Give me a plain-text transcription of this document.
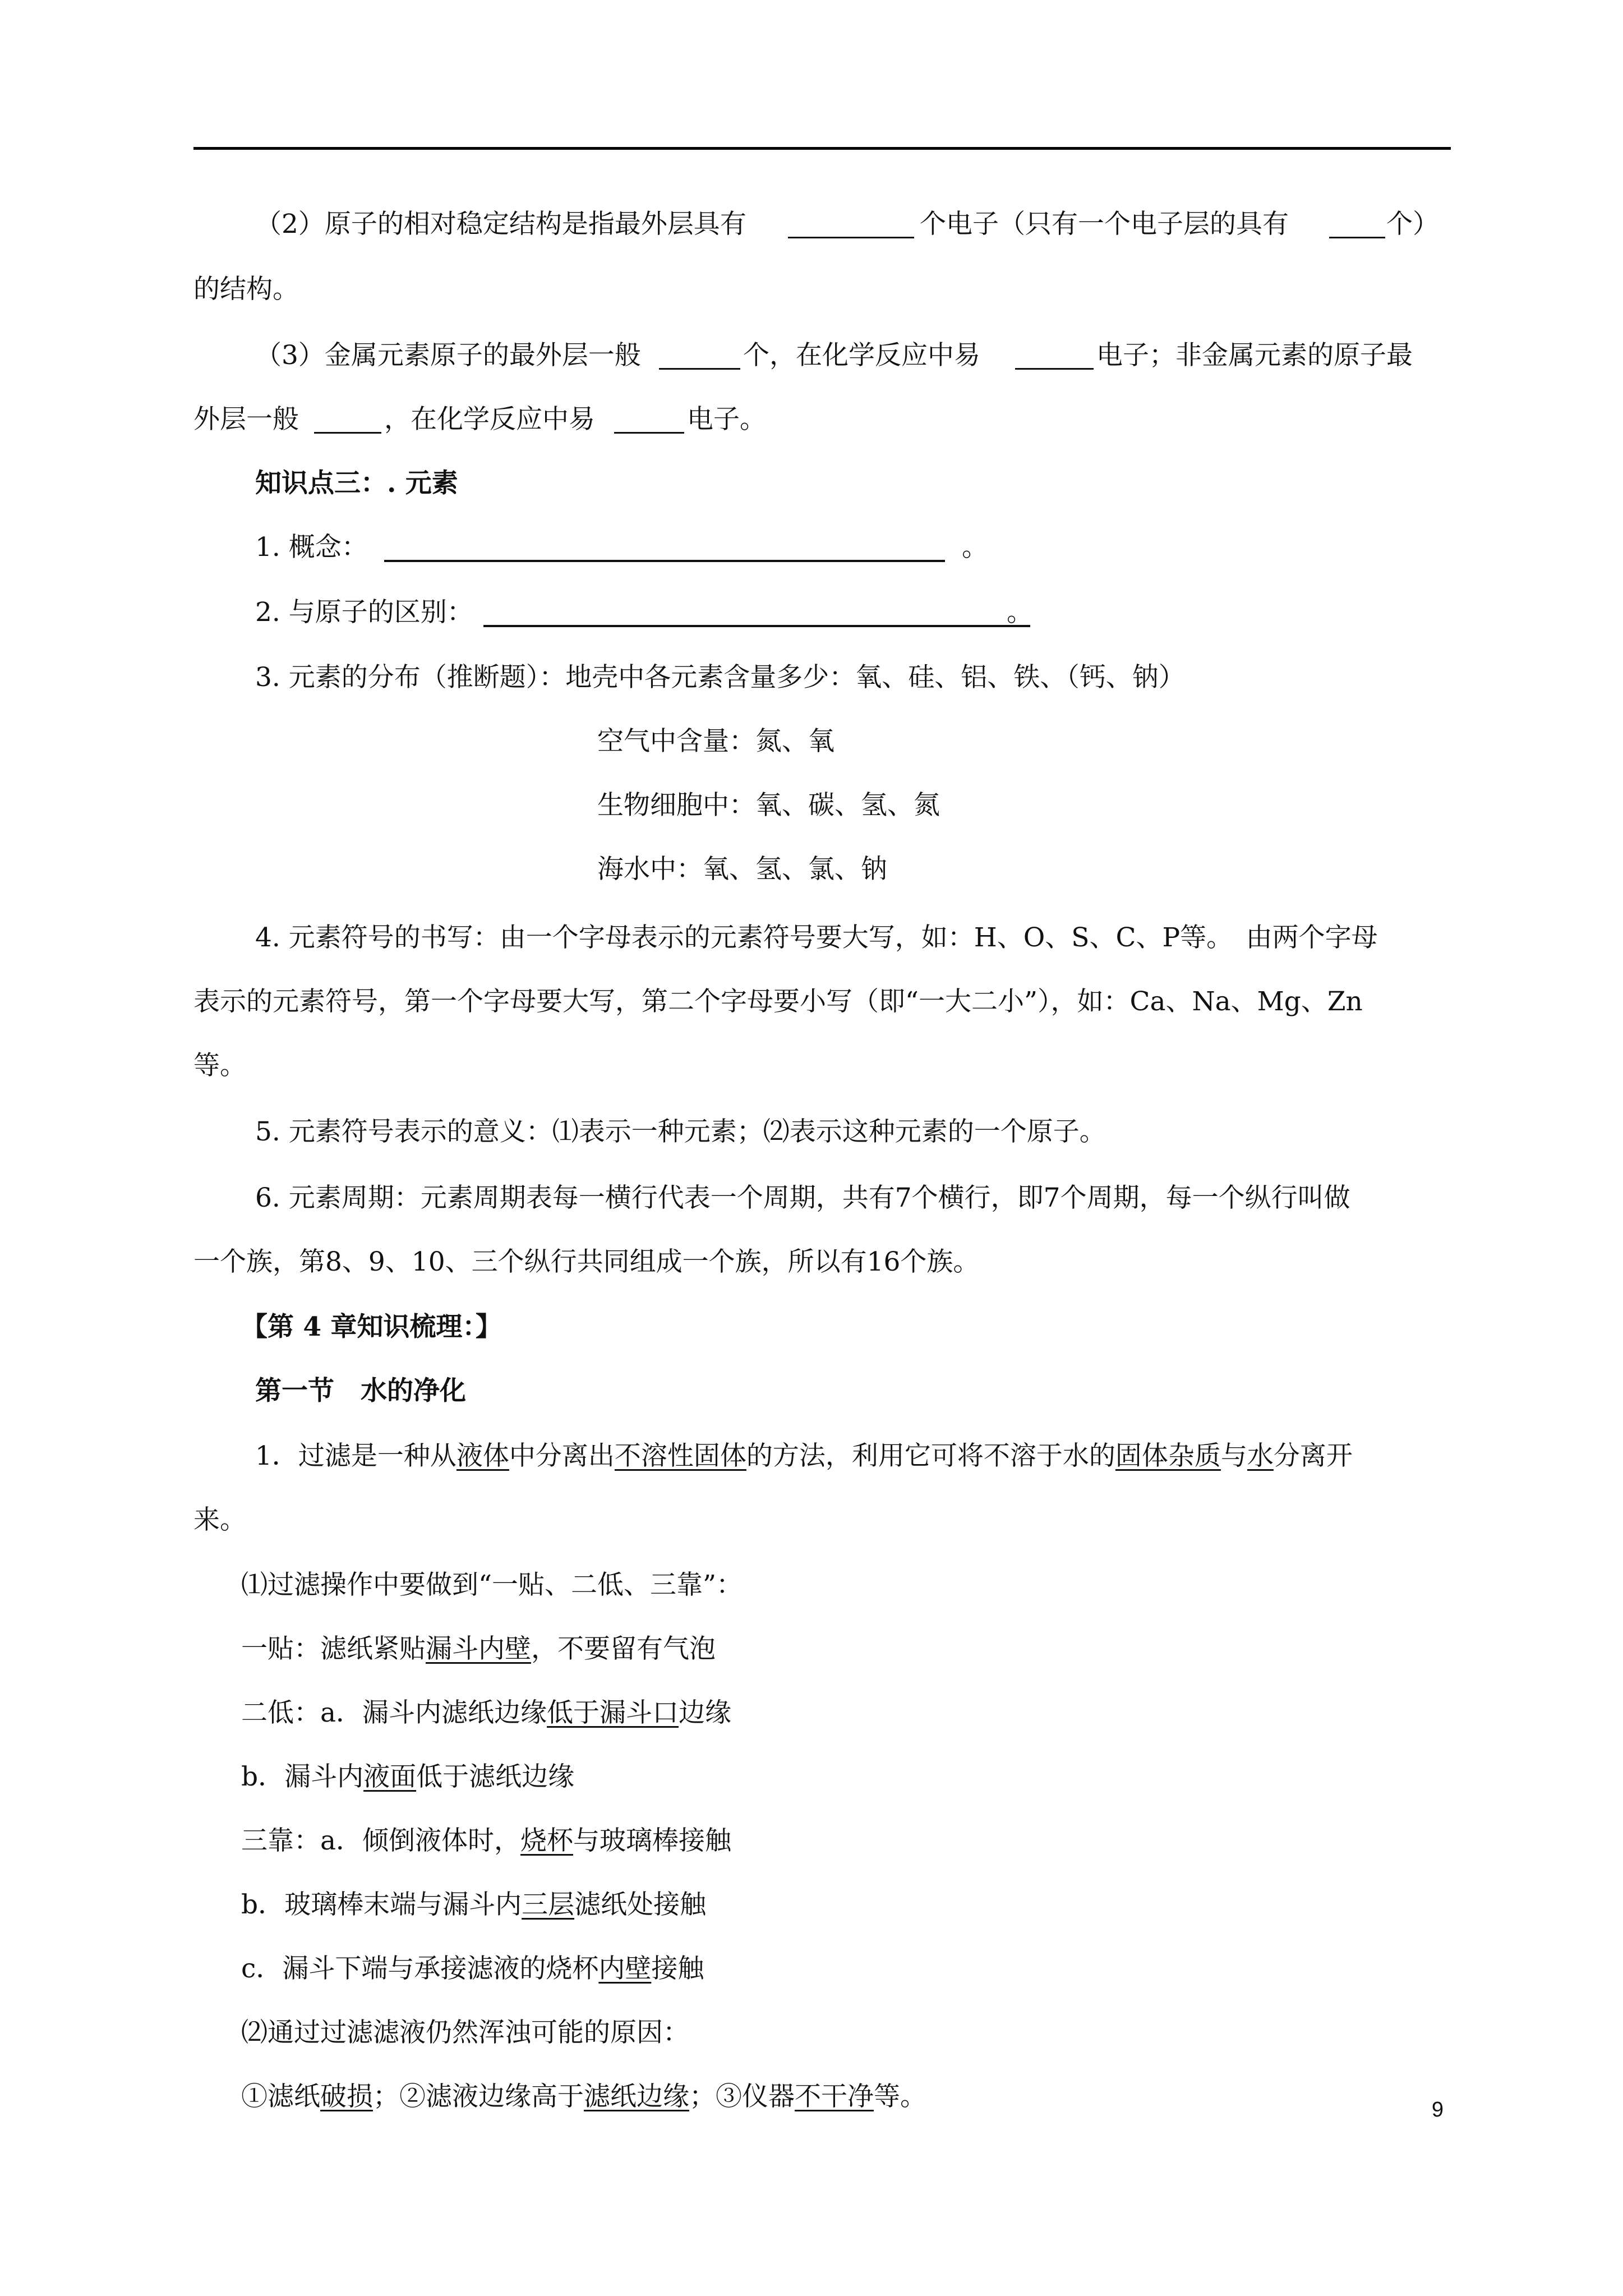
（2）原子的相对稳定结构是指最外层具有

	个电子（只有一个电子层的具有

	个）

的结构。

（3）金属元素原子的最外层一般

	个，在化学反应中易

	电子；非金属元素的原子最

外层一般

	，在化学反应中易

	电子。

知识点三：. 元素

1. 概念：

	。

2. 与原子的区别：

	。

3. 元素的分布（推断题）：地壳中各元素含量多少：氧、硅、铝、铁、（钙、钠）

空气中含量：氮、氧

生物细胞中：氧、碳、氢、氮

海水中：氧、氢、氯、钠

4. 元素符号的书写：由一个字母表示的元素符号要大写，如：H、O、S、C、P等。　由两个字母

表示的元素符号，第一个字母要大写，第二个字母要小写（即“一大二小”），如：Ca、Na、Mg、Zn

等。

5. 元素符号表示的意义：⑴表示一种元素；⑵表示这种元素的一个原子。

6. 元素周期：元素周期表每一横行代表一个周期，共有7个横行，即7个周期，每一个纵行叫做

一个族，第8、9、10、三个纵行共同组成一个族，所以有16个族。

【第 4 章知识梳理：】

第一节　水的净化

1．过滤是一种从液体中分离出不溶性固体的方法，利用它可将不溶于水的固体杂质与水分离开

来。

⑴过滤操作中要做到“一贴、二低、三靠”：

一贴：滤纸紧贴漏斗内壁，不要留有气泡

二低：a．漏斗内滤纸边缘低于漏斗口边缘

b．漏斗内液面低于滤纸边缘

三靠：a．倾倒液体时，烧杯与玻璃棒接触

b．玻璃棒末端与漏斗内三层滤纸处接触

c．漏斗下端与承接滤液的烧杯内壁接触

⑵通过过滤滤液仍然浑浊可能的原因：

①滤纸破损；②滤液边缘高于滤纸边缘；③仪器不干净等。

	9
